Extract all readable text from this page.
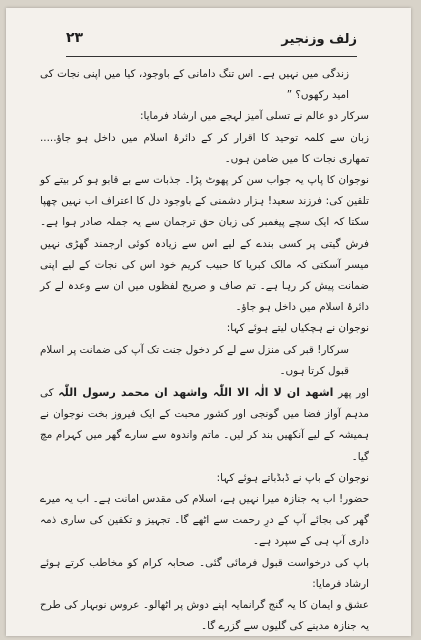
زلف وزنجیر
۲۳

زندگی میں نہیں ہے۔ اس تنگ دامانی کے باوجود، کیا میں اپنی نجات کی امید رکھوں؟ ”

سرکار دو عالم نے تسلی آمیز لہجے میں ارشاد فرمایا:

زبان سے کلمہ توحید کا اقرار کر کے دائرۂ اسلام میں داخل ہو جاؤ..... تمھاری نجات کا میں ضامن ہوں۔

نوجوان کا پاپ یہ جواب سن کر پھوٹ پڑا۔ جذبات سے بے قابو ہو کر بیتے کو تلقین کی: فرزند سعید! ہزار دشمنی کے باوجود دل کا اعتراف اب نہیں چھپا سکتا کہ ایک سچے پیغمبر کی زبان حق ترجمان سے یہ جملہ صادر ہوا ہے۔ فرش گیتی پر کسی بندے کے لیے اس سے زیادہ کوئی ارجمند گھڑی نہیں میسر آسکتی کہ مالک کبریا کا حبیب کریم خود اس کی نجات کے لیے اپنی ضمانت پیش کر رہا ہے۔ تم صاف و صریح لفظوں میں ان سے وعدہ لے کر دائرۂ اسلام میں داخل ہو جاؤ۔

نوجوان نے ہچکیاں لیتے ہوئے کہا:

سرکار! قبر کی منزل سے لے کر دخول جنت تک آپ کی ضمانت پر اسلام قبول کرتا ہوں۔

اور پھر اشھد ان لا الٰہ الا اللّٰہ واشھد ان محمد رسول اللّٰہ کی مدہم آواز فضا میں گونجی اور کشور محبت کے ایک فیروز بخت نوجوان نے ہمیشہ کے لیے آنکھیں بند کر لیں۔ ماتم واندوہ سے سارے گھر میں کہرام مچ گیا۔

نوجوان کے باپ نے ڈبڈباتے ہوئے کہا:

حضور! اب یہ جنازہ میرا نہیں ہے، اسلام کی مقدس امانت ہے۔ اب یہ میرے گھر کی بجائے آپ کے درِ رحمت سے اٹھے گا۔ تجہیز و تکفین کی ساری ذمہ داری آپ ہی کے سپرد ہے۔

باپ کی درخواست قبول فرمائی گئی۔ صحابہ کرام کو مخاطب کرتے ہوئے ارشاد فرمایا:

عشق و ایمان کا یہ گنج گرانمایہ اپنے دوش پر اٹھالو۔ عروس نوبہار کی طرح یہ جنازہ مدینے کی گلیوں سے گزرے گا۔
